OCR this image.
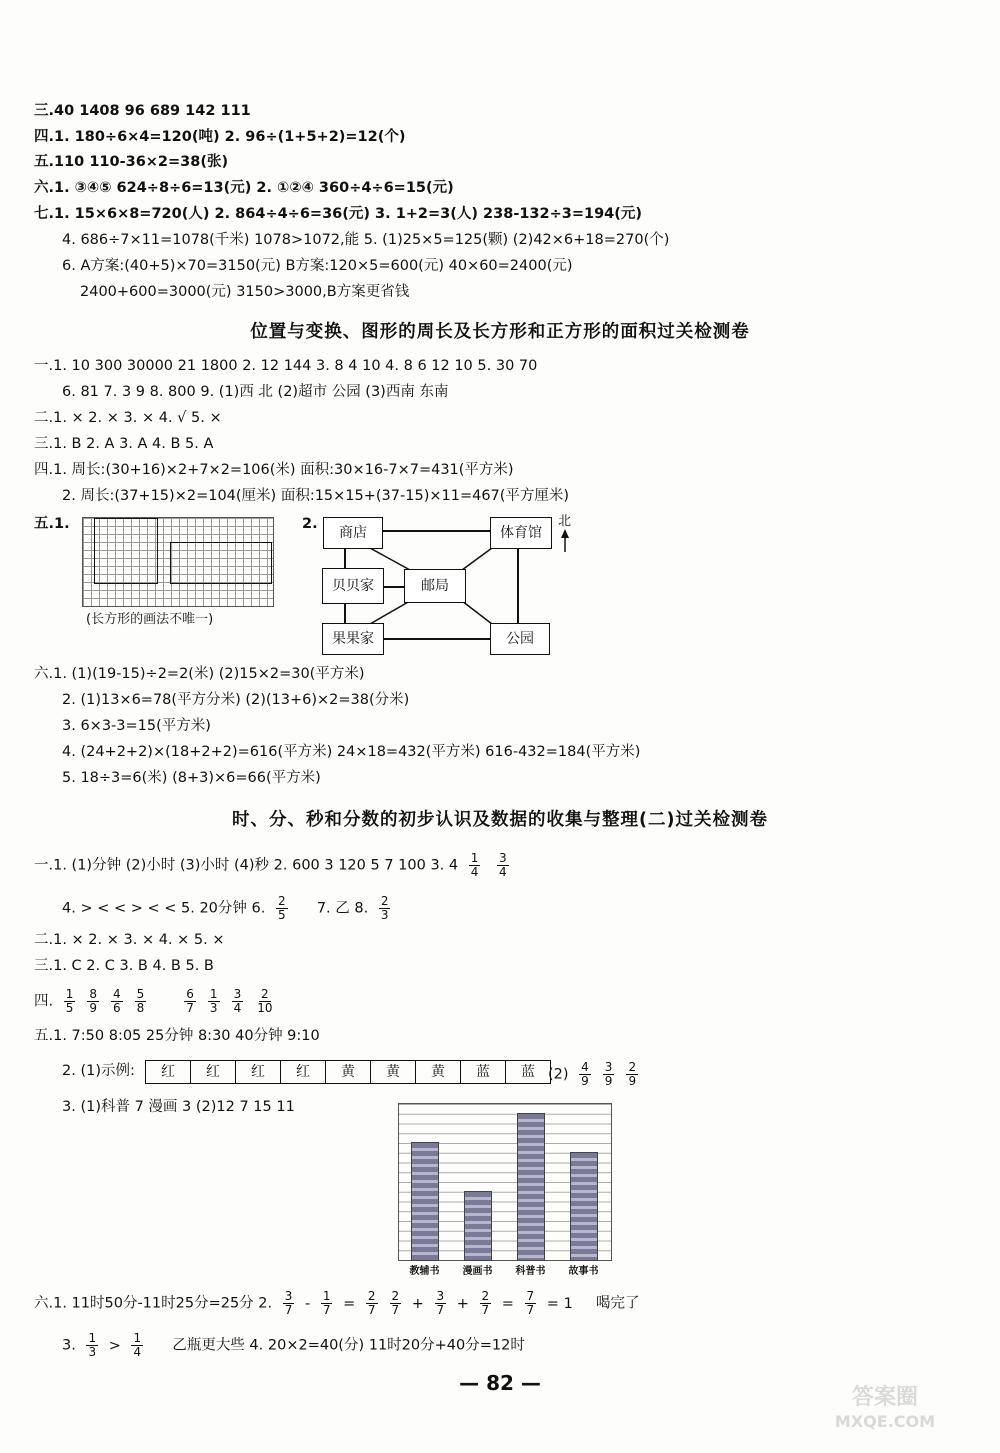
三.40 1408 96 689 142 111
四.1. 180÷6×4=120(吨) 2. 96÷(1+5+2)=12(个)
五.110 110-36×2=38(张)
六.1. ③④⑤ 624÷8÷6=13(元) 2. ①②④ 360÷4÷6=15(元)
七.1. 15×6×8=720(人) 2. 864÷4÷6=36(元) 3. 1+2=3(人) 238-132÷3=194(元)
4. 686÷7×11=1078(千米) 1078>1072,能 5. (1)25×5=125(颗) (2)42×6+18=270(个)
6. A方案:(40+5)×70=3150(元) B方案:120×5=600(元) 40×60=2400(元)
2400+600=3000(元) 3150>3000,B方案更省钱
位置与变换、图形的周长及长方形和正方形的面积过关检测卷
一.1. 10 300 30000 21 1800 2. 12 144 3. 8 4 10 4. 8 6 12 10 5. 30 70
6. 81 7. 3 9 8. 800 9. (1)西 北 (2)超市 公园 (3)西南 东南
二.1. × 2. × 3. × 4. √ 5. ×
三.1. B 2. A 3. A 4. B 5. A
四.1. 周长:(30+16)×2+7×2=106(米) 面积:30×16-7×7=431(平方米)
2. 周长:(37+15)×2=104(厘米) 面积:15×15+(37-15)×11=467(平方厘米)
五.1.
(长方形的画法不唯一)
2.
商店	体育馆
贝贝家	邮局
果果家	公园
北
六.1. (1)(19-15)÷2=2(米) (2)15×2=30(平方米)
2. (1)13×6=78(平方分米) (2)(13+6)×2=38(分米)
3. 6×3-3=15(平方米)
4. (24+2+2)×(18+2+2)=616(平方米) 24×18=432(平方米) 616-432=184(平方米)
5. 18÷3=6(米) (8+3)×6=66(平方米)
时、分、秒和分数的初步认识及数据的收集与整理(二)过关检测卷
一.1. (1)分钟 (2)小时 (3)小时 (4)秒 2. 600 3 120 5 7 100 3. $4 \frac{1}{4}$
$\frac{3}{4}$
4. > < < > < < 5. 20分钟 6. $\frac{2}{5} 7$. 乙 8. $\frac{2}{3}$
二.1. × 2. × 3. × 4. × 5. ×
三.1. C 2. C 3. B 4. B 5. B
四. $\frac{1}{5} \frac{8}{9} \frac{4}{6} \frac{5}{8}$	$\frac{6}{7} \frac{1}{3} \frac{3}{4} \frac{2}{10}$
五.1. 7:50 8:05 25分钟 8:30 40分钟 9:10
2. (1)示例:	红	红	红	红	黄	黄	黄	蓝	蓝 $(2) \frac{4}{9} \frac{3}{9} \frac{2}{9}$
3. (1)科普 7 漫画 3 (2)12 7 15 11
教辅书	漫画书	科普书	故事书
六.1. 11时50分-11时25分=25分 2. $\frac{3}{7} - \frac{1}{7} = \frac{2}{7} \frac{2}{7} + \frac{3}{7} + \frac{2}{7} = \frac{7}{7} = 1$  喝完了
3. $\frac{1}{3} > \frac{1}{4}$ 乙瓶更大些 4. 20×2=40(分) 11时20分+40分=12时
— 82 —
答案圈
MXQE.COM
